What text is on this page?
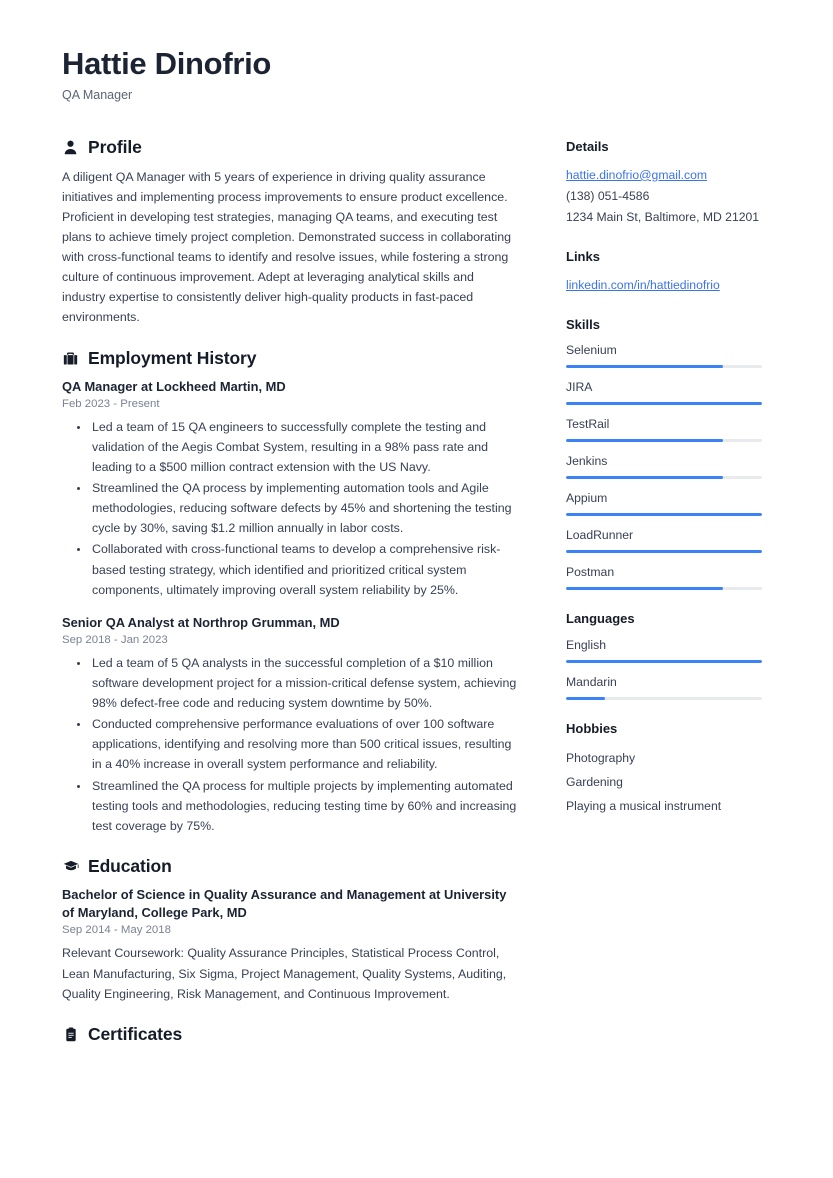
Hattie Dinofrio
QA Manager
Profile
A diligent QA Manager with 5 years of experience in driving quality assurance initiatives and implementing process improvements to ensure product excellence. Proficient in developing test strategies, managing QA teams, and executing test plans to achieve timely project completion. Demonstrated success in collaborating with cross-functional teams to identify and resolve issues, while fostering a strong culture of continuous improvement. Adept at leveraging analytical skills and industry expertise to consistently deliver high-quality products in fast-paced environments.
Employment History
QA Manager at Lockheed Martin, MD
Feb 2023 - Present
• Led a team of 15 QA engineers to successfully complete the testing and validation of the Aegis Combat System, resulting in a 98% pass rate and leading to a $500 million contract extension with the US Navy.
• Streamlined the QA process by implementing automation tools and Agile methodologies, reducing software defects by 45% and shortening the testing cycle by 30%, saving $1.2 million annually in labor costs.
• Collaborated with cross-functional teams to develop a comprehensive risk-based testing strategy, which identified and prioritized critical system components, ultimately improving overall system reliability by 25%.
Senior QA Analyst at Northrop Grumman, MD
Sep 2018 - Jan 2023
• Led a team of 5 QA analysts in the successful completion of a $10 million software development project for a mission-critical defense system, achieving 98% defect-free code and reducing system downtime by 50%.
• Conducted comprehensive performance evaluations of over 100 software applications, identifying and resolving more than 500 critical issues, resulting in a 40% increase in overall system performance and reliability.
• Streamlined the QA process for multiple projects by implementing automated testing tools and methodologies, reducing testing time by 60% and increasing test coverage by 75%.
Education
Bachelor of Science in Quality Assurance and Management at University of Maryland, College Park, MD
Sep 2014 - May 2018
Relevant Coursework: Quality Assurance Principles, Statistical Process Control, Lean Manufacturing, Six Sigma, Project Management, Quality Systems, Auditing, Quality Engineering, Risk Management, and Continuous Improvement.
Certificates
Details
hattie.dinofrio@gmail.com
(138) 051-4586
1234 Main St, Baltimore, MD 21201
Links
linkedin.com/in/hattiedinofrio
Skills
Selenium
JIRA
TestRail
Jenkins
Appium
LoadRunner
Postman
Languages
English
Mandarin
Hobbies
Photography
Gardening
Playing a musical instrument
